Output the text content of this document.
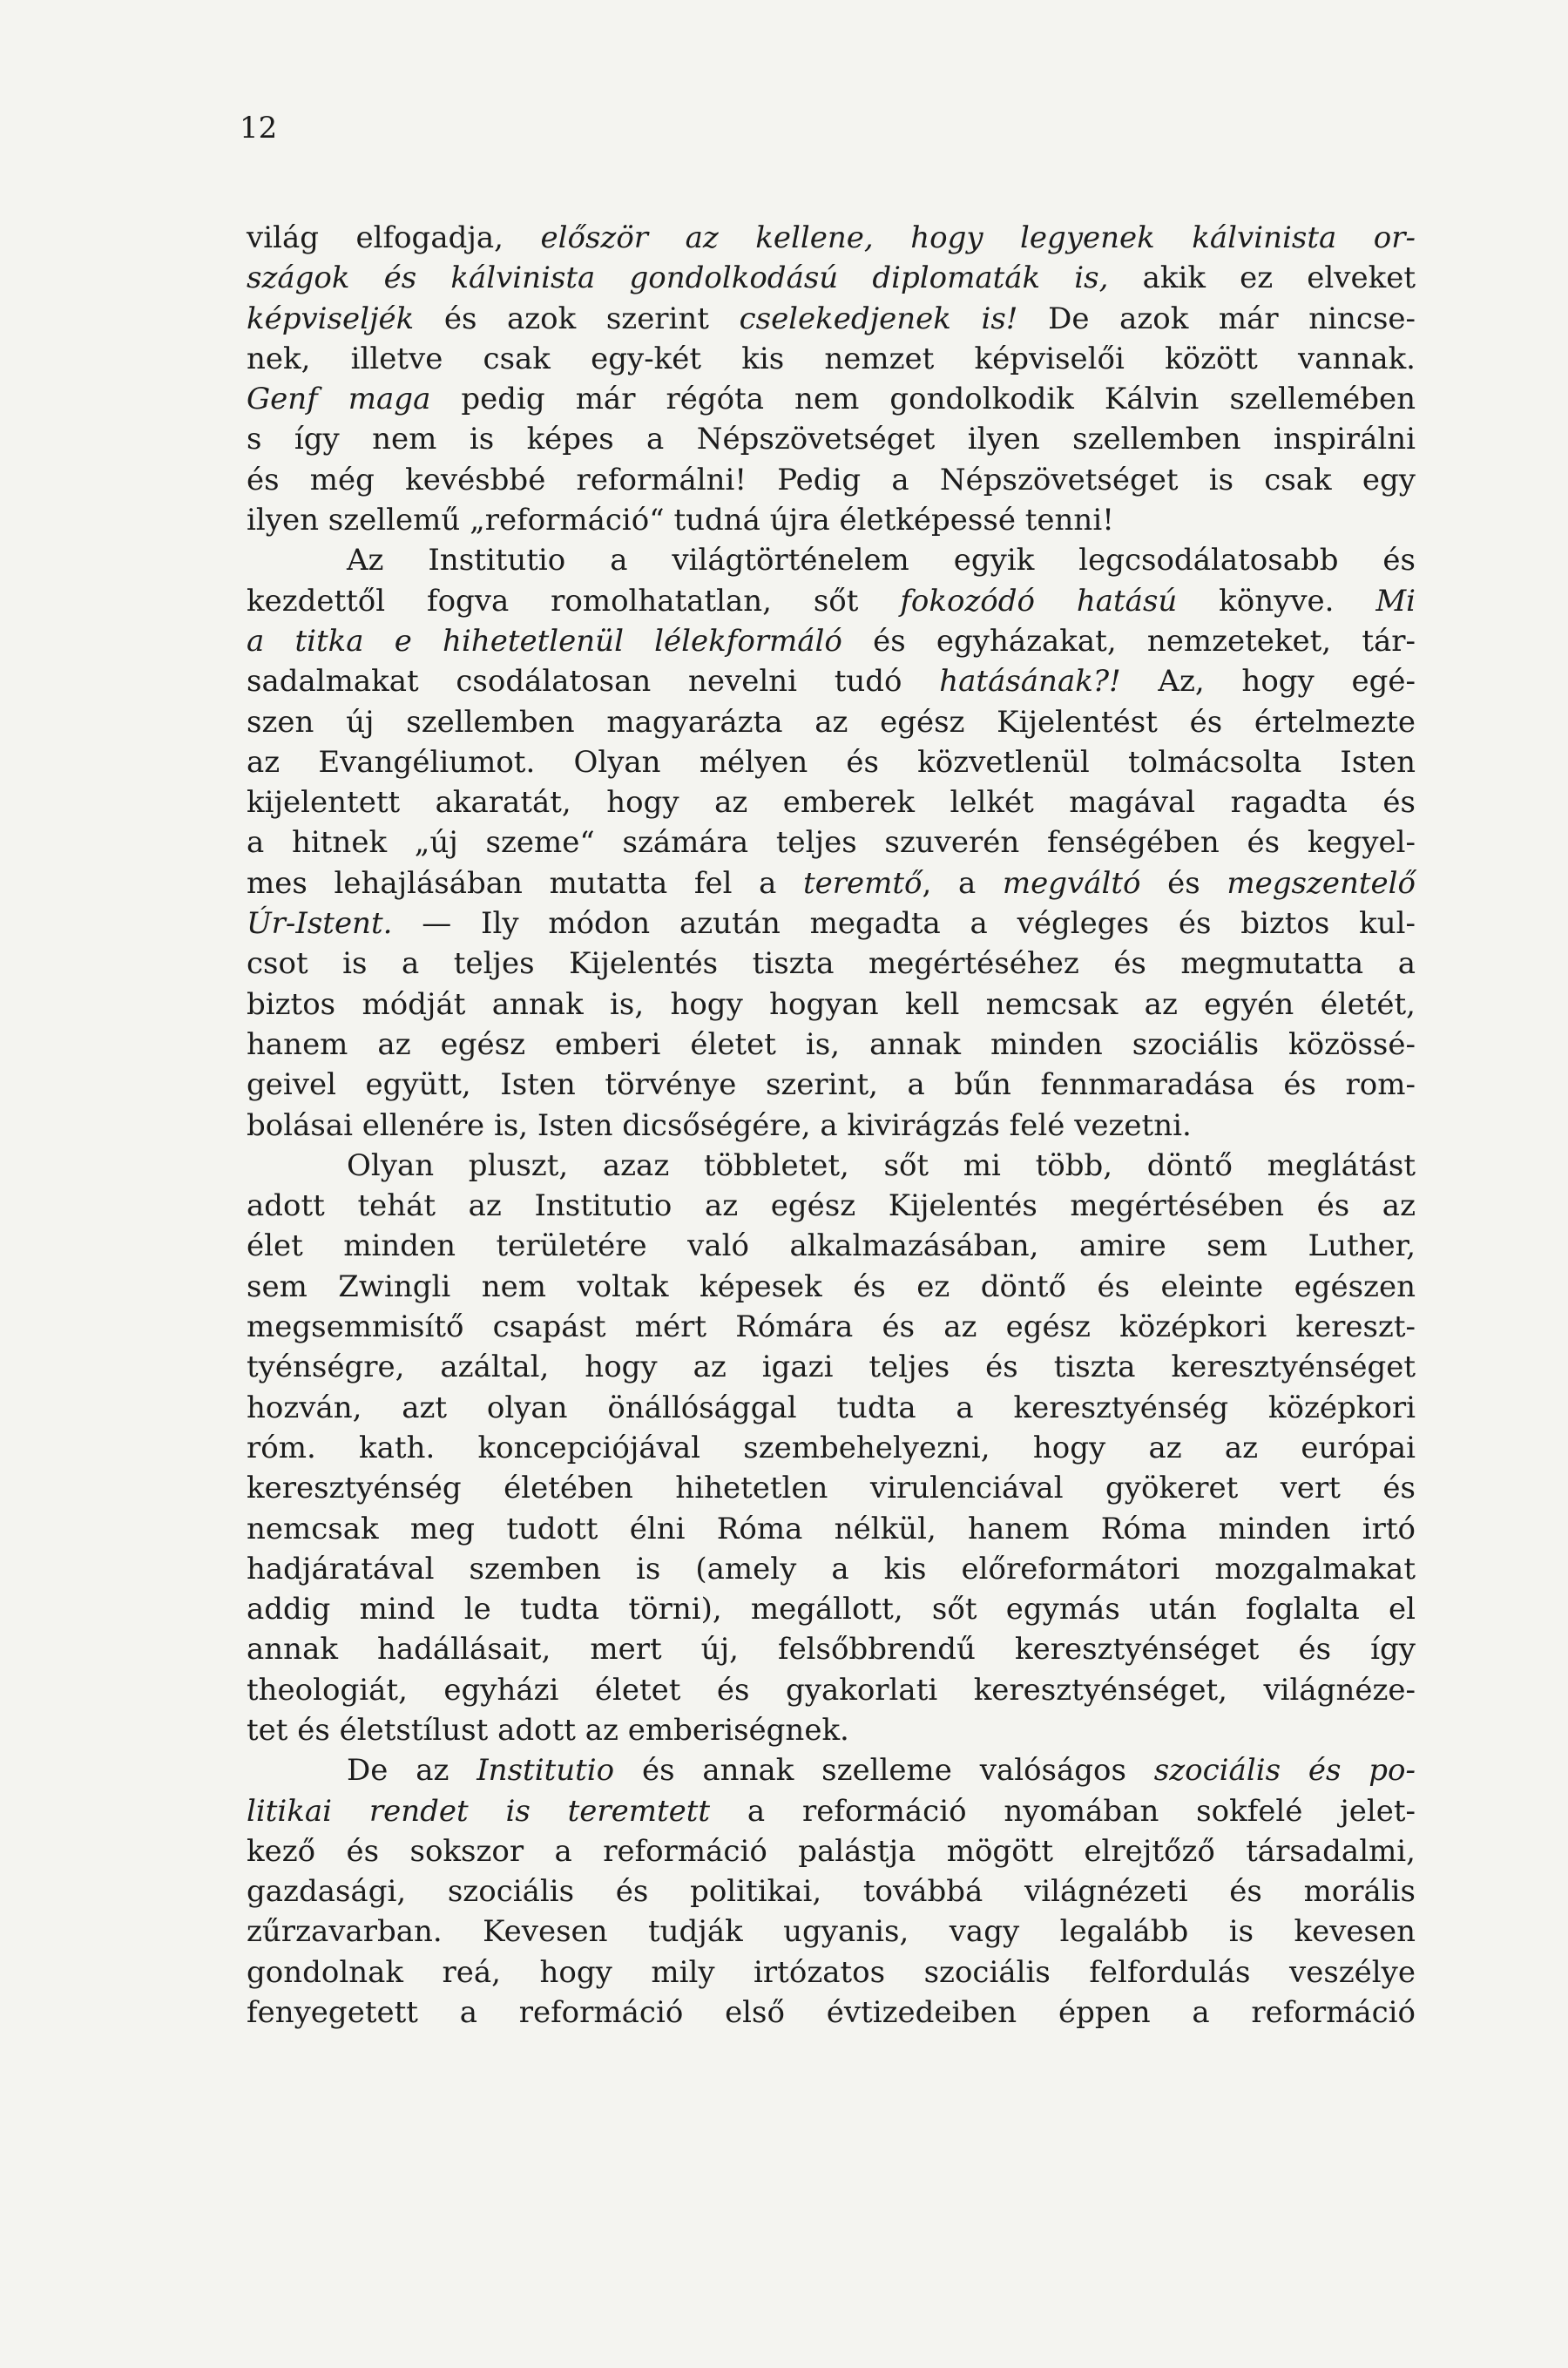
12
világ elfogadja, először az kellene, hogy legyenek kálvinista or-
szágok és kálvinista gondolkodású diplomaták is, akik ez elveket
képviseljék és azok szerint cselekedjenek is! De azok már nincse-
nek, illetve csak egy-két kis nemzet képviselői között vannak.
Genf maga pedig már régóta nem gondolkodik Kálvin szellemében
s így nem is képes a Népszövetséget ilyen szellemben inspirálni
és még kevésbbé reformálni! Pedig a Népszövetséget is csak egy
ilyen szellemű „reformáció“ tudná újra életképessé tenni!
Az Institutio a világtörténelem egyik legcsodálatosabb és
kezdettől fogva romolhatatlan, sőt fokozódó hatású könyve. Mi
a titka e hihetetlenül lélekformáló és egyházakat, nemzeteket, tár-
sadalmakat csodálatosan nevelni tudó hatásának?! Az, hogy egé-
szen új szellemben magyarázta az egész Kijelentést és értelmezte
az Evangéliumot. Olyan mélyen és közvetlenül tolmácsolta Isten
kijelentett akaratát, hogy az emberek lelkét magával ragadta és
a hitnek „új szeme“ számára teljes szuverén fenségében és kegyel-
mes lehajlásában mutatta fel a teremtő, a megváltó és megszentelő
Úr-Istent. — Ily módon azután megadta a végleges és biztos kul-
csot is a teljes Kijelentés tiszta megértéséhez és megmutatta a
biztos módját annak is, hogy hogyan kell nemcsak az egyén életét,
hanem az egész emberi életet is, annak minden szociális közössé-
geivel együtt, Isten törvénye szerint, a bűn fennmaradása és rom-
bolásai ellenére is, Isten dicsőségére, a kivirágzás felé vezetni.
Olyan pluszt, azaz többletet, sőt mi több, döntő meglátást
adott tehát az Institutio az egész Kijelentés megértésében és az
élet minden területére való alkalmazásában, amire sem Luther,
sem Zwingli nem voltak képesek és ez döntő és eleinte egészen
megsemmisítő csapást mért Rómára és az egész középkori kereszt-
tyénségre, azáltal, hogy az igazi teljes és tiszta keresztyénséget
hozván, azt olyan önállósággal tudta a keresztyénség középkori
róm. kath. koncepciójával szembehelyezni, hogy az az európai
keresztyénség életében hihetetlen virulenciával gyökeret vert és
nemcsak meg tudott élni Róma nélkül, hanem Róma minden irtó
hadjáratával szemben is (amely a kis előreformátori mozgalmakat
addig mind le tudta törni), megállott, sőt egymás után foglalta el
annak hadállásait, mert új, felsőbbrendű keresztyénséget és így
theologiát, egyházi életet és gyakorlati keresztyénséget, világnéze-
tet és életstílust adott az emberiségnek.
De az Institutio és annak szelleme valóságos szociális és po-
litikai rendet is teremtett a reformáció nyomában sokfelé jelet-
kező és sokszor a reformáció palástja mögött elrejtőző társadalmi,
gazdasági, szociális és politikai, továbbá világnézeti és morális
zűrzavarban. Kevesen tudják ugyanis, vagy legalább is kevesen
gondolnak reá, hogy mily irtózatos szociális felfordulás veszélye
fenyegetett a reformáció első évtizedeiben éppen a reformáció
